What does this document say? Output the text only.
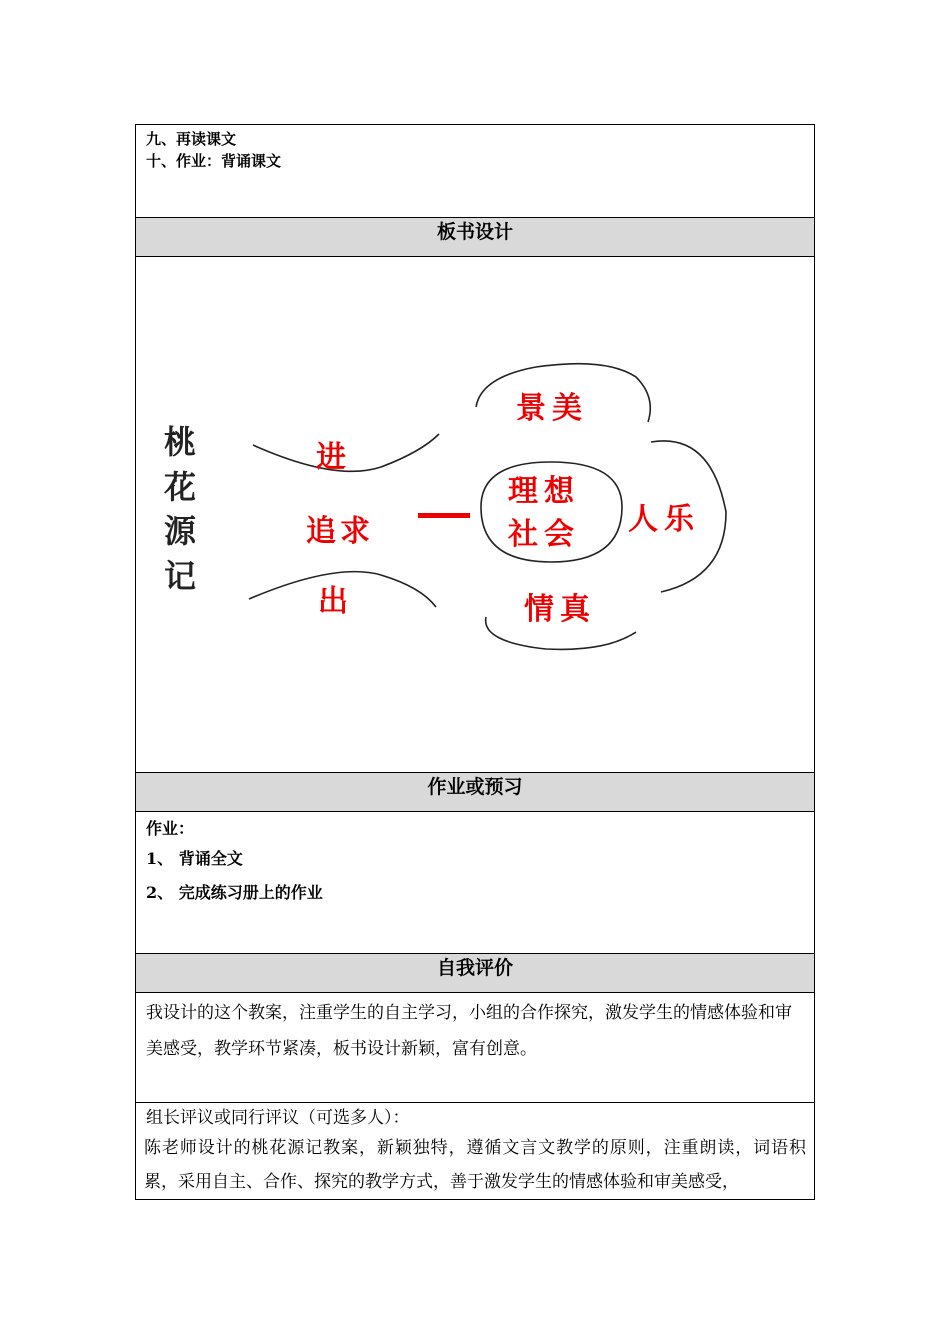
九、再读课文
十、作业：背诵课文
板书设计
桃
花
源
记
进
追求
出
理想
社会
景美
人乐
情真
作业或预习
作业：
1、 背诵全文
2、 完成练习册上的作业
自我评价
我设计的这个教案，注重学生的自主学习，小组的合作探究，激发学生的情感体验和审美感受，教学环节紧凑，板书设计新颖，富有创意。
组长评议或同行评议（可选多人）：
陈老师设计的桃花源记教案，新颖独特，遵循文言文教学的原则，注重朗读，词语积累，采用自主、合作、探究的教学方式，善于激发学生的情感体验和审美感受，
